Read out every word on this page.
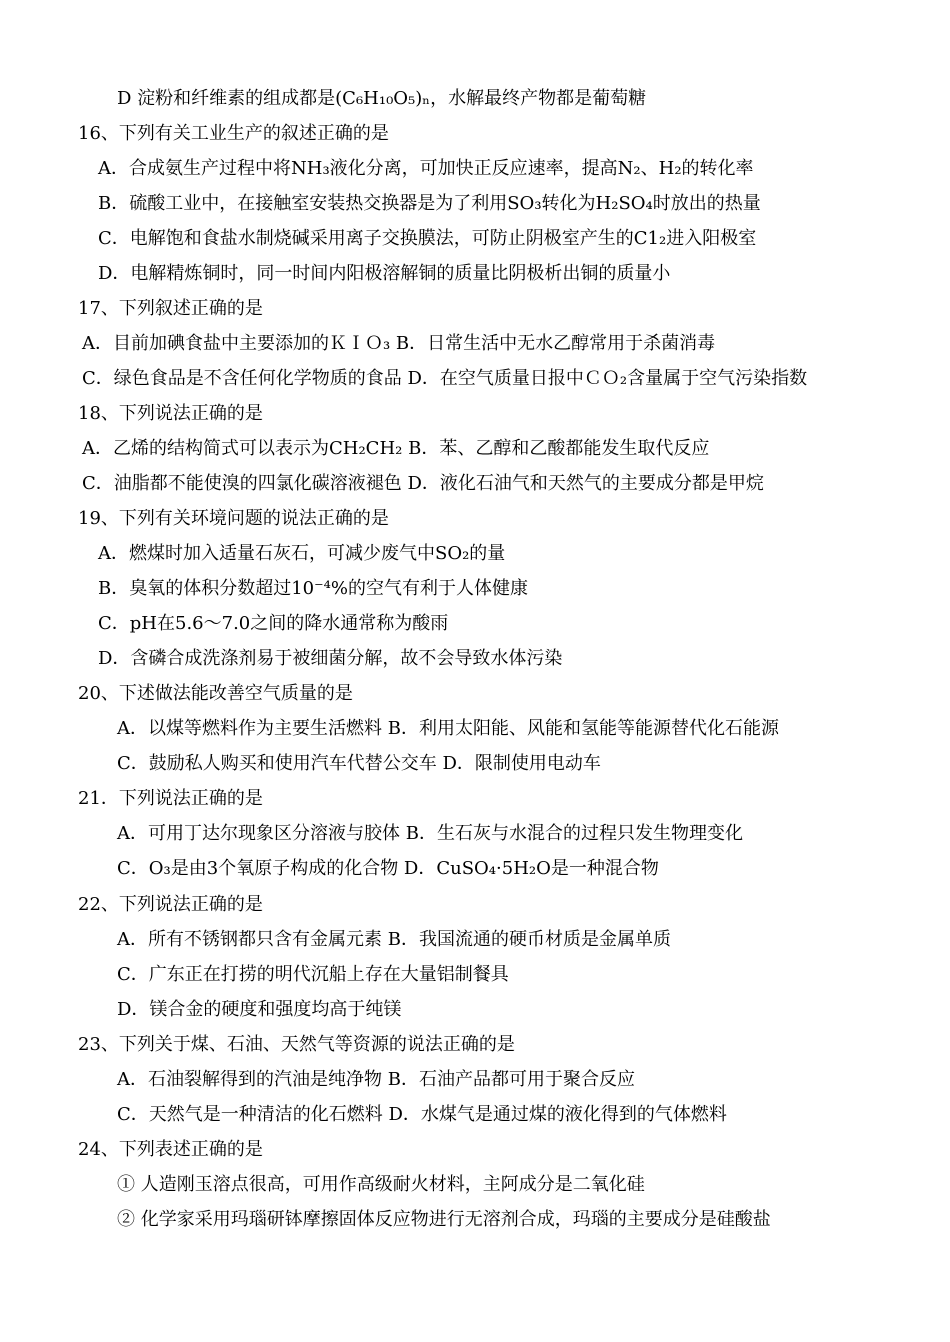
D 淀粉和纤维素的组成都是(C₆H₁₀O₅)ₙ，水解最终产物都是葡萄糖
16、下列有关工业生产的叙述正确的是
A．合成氨生产过程中将NH₃液化分离，可加快正反应速率，提高N₂、H₂的转化率
B．硫酸工业中，在接触室安装热交换器是为了利用SO₃转化为H₂SO₄时放出的热量
C．电解饱和食盐水制烧碱采用离子交换膜法，可防止阴极室产生的C1₂进入阳极室
D．电解精炼铜时，同一时间内阳极溶解铜的质量比阴极析出铜的质量小
17、下列叙述正确的是
A．目前加碘食盐中主要添加的ＫＩＯ₃ B．日常生活中无水乙醇常用于杀菌消毒
C．绿色食品是不含任何化学物质的食品 D．在空气质量日报中ＣＯ₂含量属于空气污染指数
18、下列说法正确的是
A．乙烯的结构简式可以表示为CH₂CH₂ B．苯、乙醇和乙酸都能发生取代反应
C．油脂都不能使溴的四氯化碳溶液褪色 D．液化石油气和天然气的主要成分都是甲烷
19、下列有关环境问题的说法正确的是
A．燃煤时加入适量石灰石，可减少废气中SO₂的量
B．臭氧的体积分数超过10⁻⁴%的空气有利于人体健康
C．pH在5.6～7.0之间的降水通常称为酸雨
D．含磷合成洗涤剂易于被细菌分解，故不会导致水体污染
20、下述做法能改善空气质量的是
A．以煤等燃料作为主要生活燃料 B．利用太阳能、风能和氢能等能源替代化石能源
C．鼓励私人购买和使用汽车代替公交车 D．限制使用电动车
21．下列说法正确的是
A．可用丁达尔现象区分溶液与胶体 B．生石灰与水混合的过程只发生物理变化
C．O₃是由3个氧原子构成的化合物 D．CuSO₄·5H₂O是一种混合物
22、下列说法正确的是
A．所有不锈钢都只含有金属元素 B．我国流通的硬币材质是金属单质
C．广东正在打捞的明代沉船上存在大量铝制餐具
D．镁合金的硬度和强度均高于纯镁
23、下列关于煤、石油、天然气等资源的说法正确的是
A．石油裂解得到的汽油是纯净物 B．石油产品都可用于聚合反应
C．天然气是一种清洁的化石燃料 D．水煤气是通过煤的液化得到的气体燃料
24、下列表述正确的是
① 人造刚玉溶点很高，可用作高级耐火材料，主阿成分是二氧化硅
② 化学家采用玛瑙研钵摩擦固体反应物进行无溶剂合成，玛瑙的主要成分是硅酸盐
